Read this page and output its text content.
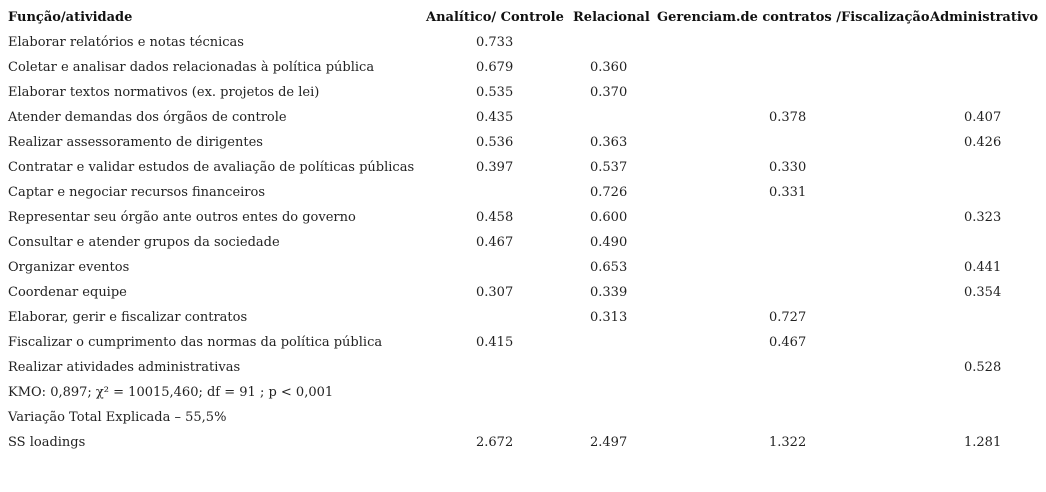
Função/atividade	Analítico/ Controle	Relacional	Gerenciam.de contratos /Fiscalização	Administrativo
Elaborar relatórios e notas técnicas	0.733			
Coletar e analisar dados relacionadas à política pública	0.679	0.360		
Elaborar textos normativos (ex. projetos de lei)	0.535	0.370		
Atender demandas dos órgãos de controle	0.435		0.378	0.407
Realizar assessoramento de dirigentes	0.536	0.363		0.426
Contratar e validar estudos de avaliação de políticas públicas	0.397	0.537	0.330	
Captar e negociar recursos financeiros		0.726	0.331	
Representar seu órgão ante outros entes do governo	0.458	0.600		0.323
Consultar e atender grupos da sociedade	0.467	0.490		
Organizar eventos		0.653		0.441
Coordenar equipe	0.307	0.339		0.354
Elaborar, gerir e fiscalizar contratos		0.313	0.727	
Fiscalizar o cumprimento das normas da política pública	0.415		0.467	
Realizar atividades administrativas				0.528
KMO: 0,897; χ² = 10015,460; df = 91 ; p < 0,001				
Variação Total Explicada – 55,5%				
SS loadings	2.672	2.497	1.322	1.281
